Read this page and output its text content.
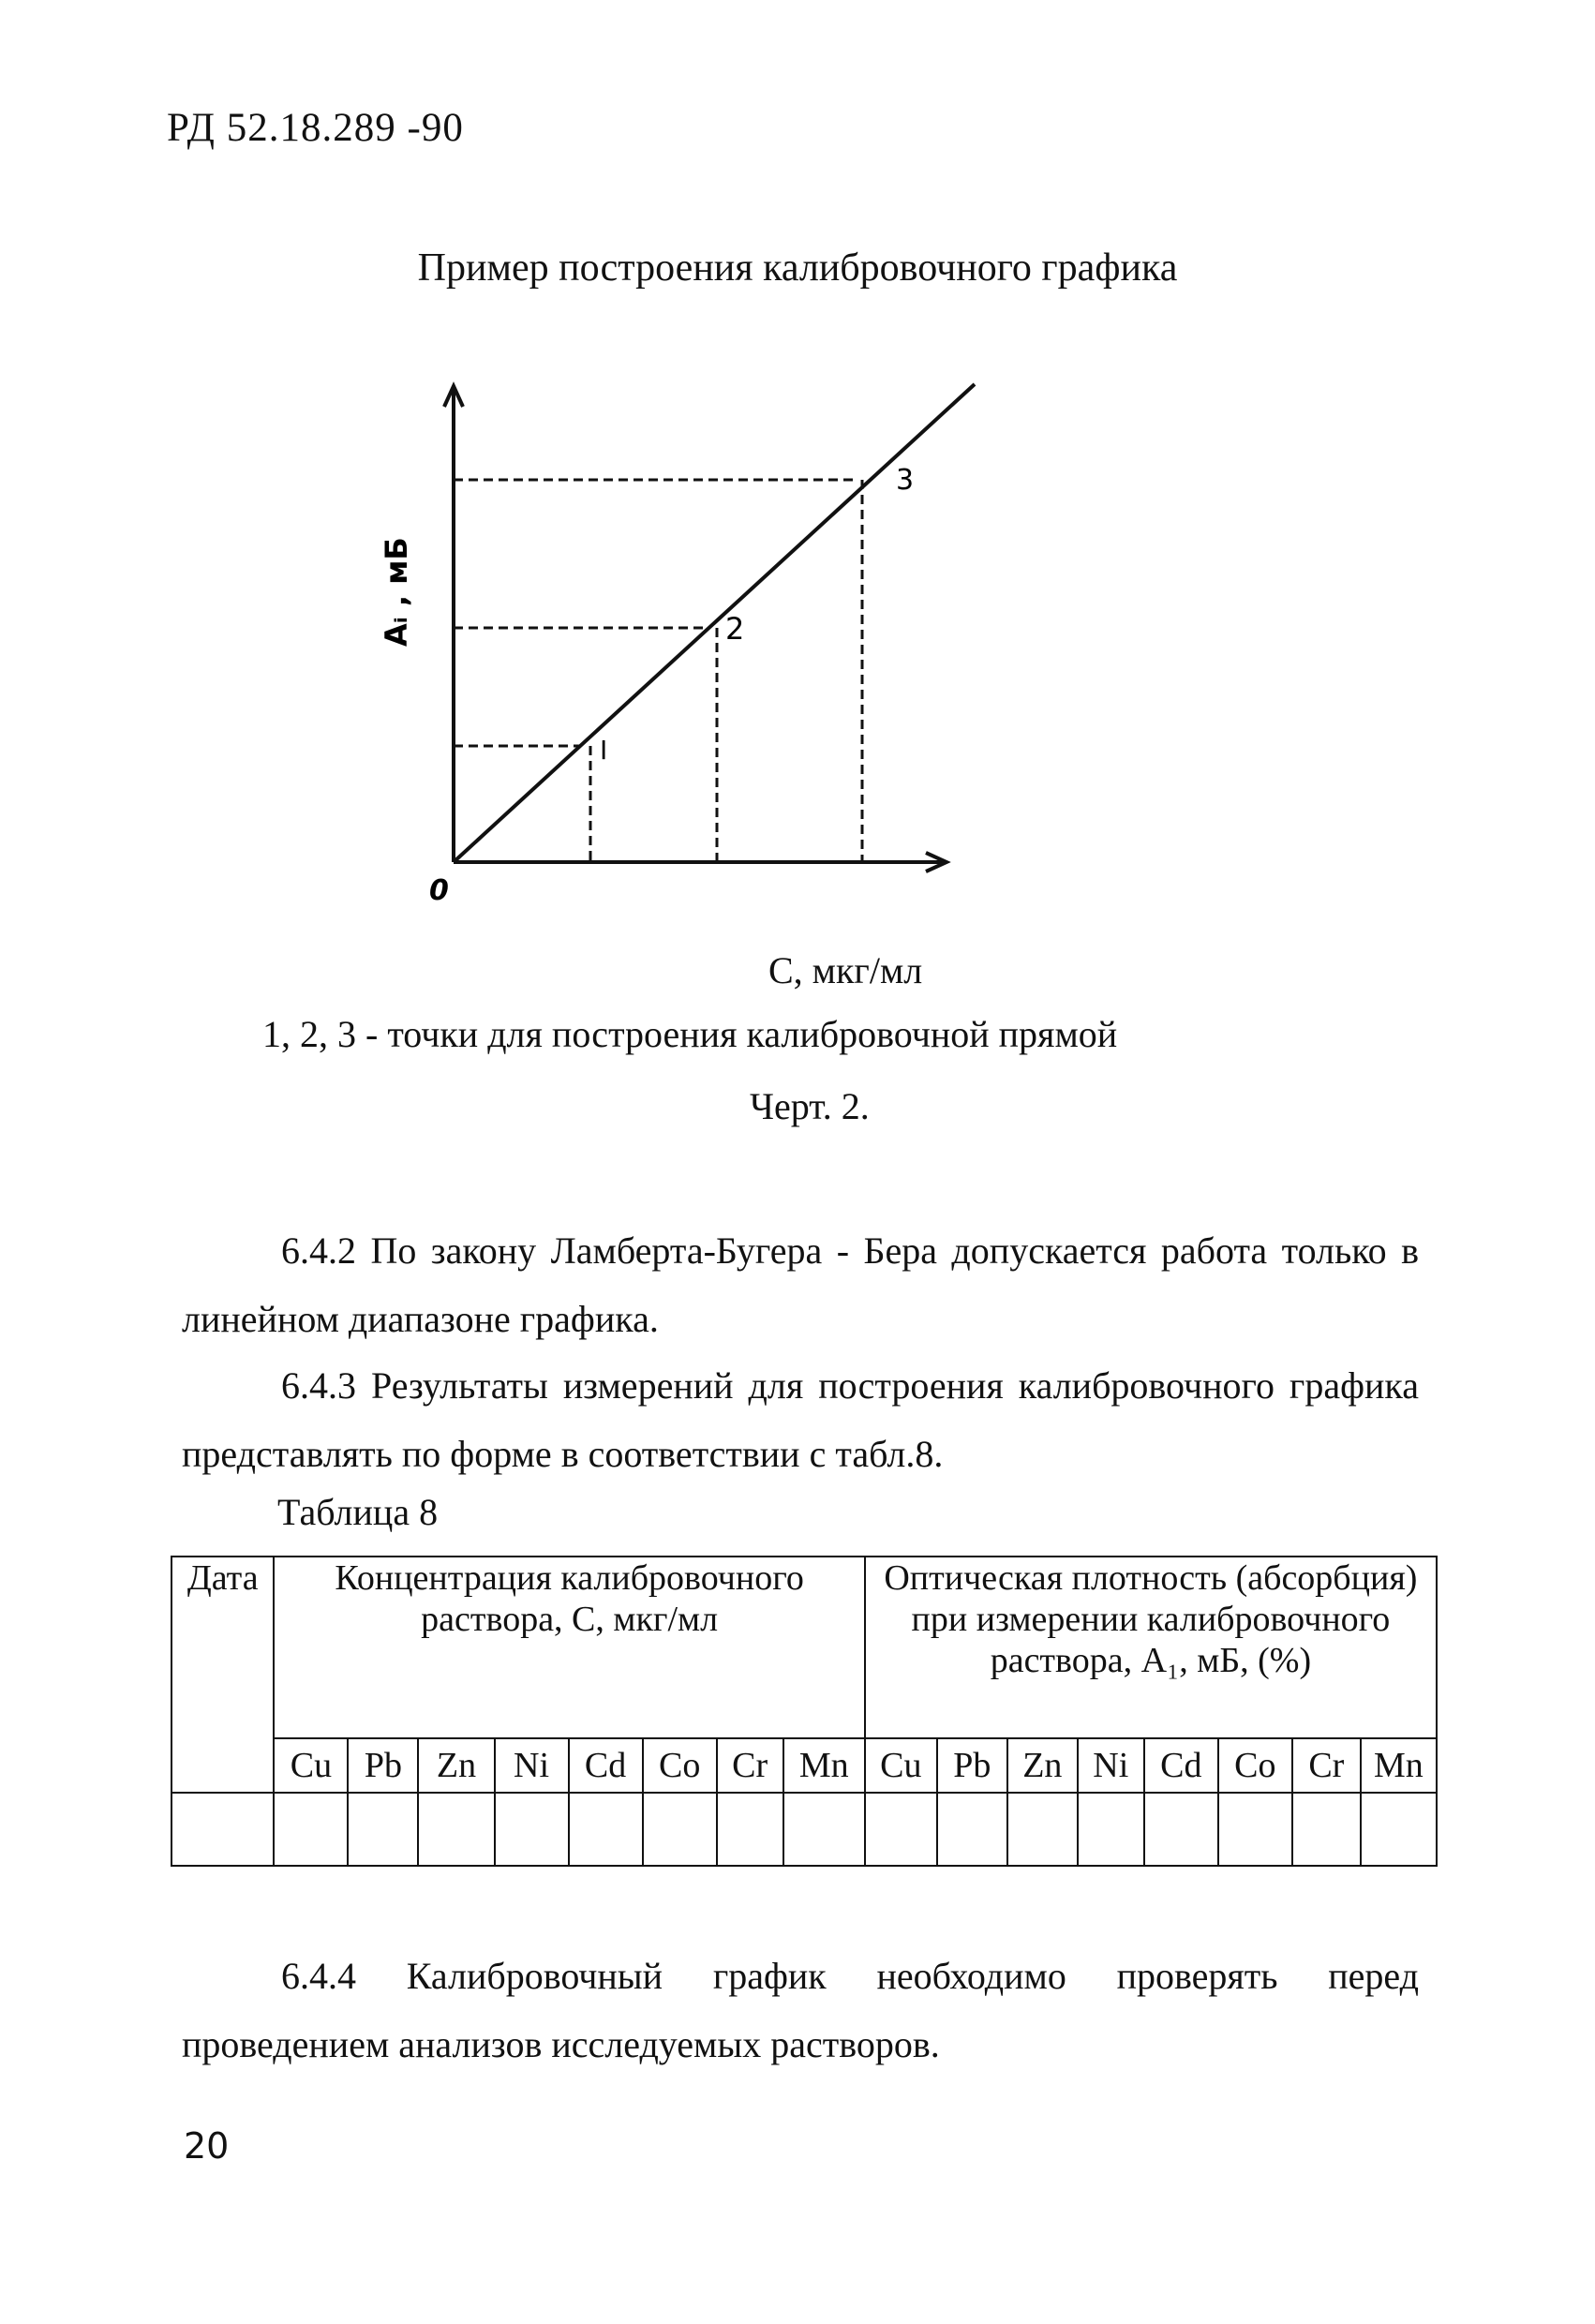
РД 52.18.289 -90
Пример построения калибровочного графика
I
2
3
0
Aᵢ , мБ
С, мкг/мл
1, 2, 3 - точки для построения калибровочной прямой
Черт. 2.
6.4.2 По закону Ламберта-Бугера - Бера допускается работа только в линейном диапазоне графика.
6.4.3 Результаты измерений для построения калибровочного графика представлять по форме в соответствии с табл.8.
Таблица 8
Дата	Концентрация калибровочного раствора, С, мкг/мл								Оптическая плотность (абсорбция) при измерении калибровочного раствора, А₁, мБ, (%)							
	Cu	Pb	Zn	Ni	Cd	Co	Cr	Mn	Cu	Pb	Zn	Ni	Cd	Co	Cr	Mn

6.4.4 Калибровочный график необходимо проверять перед проведением анализов исследуемых растворов.
20
